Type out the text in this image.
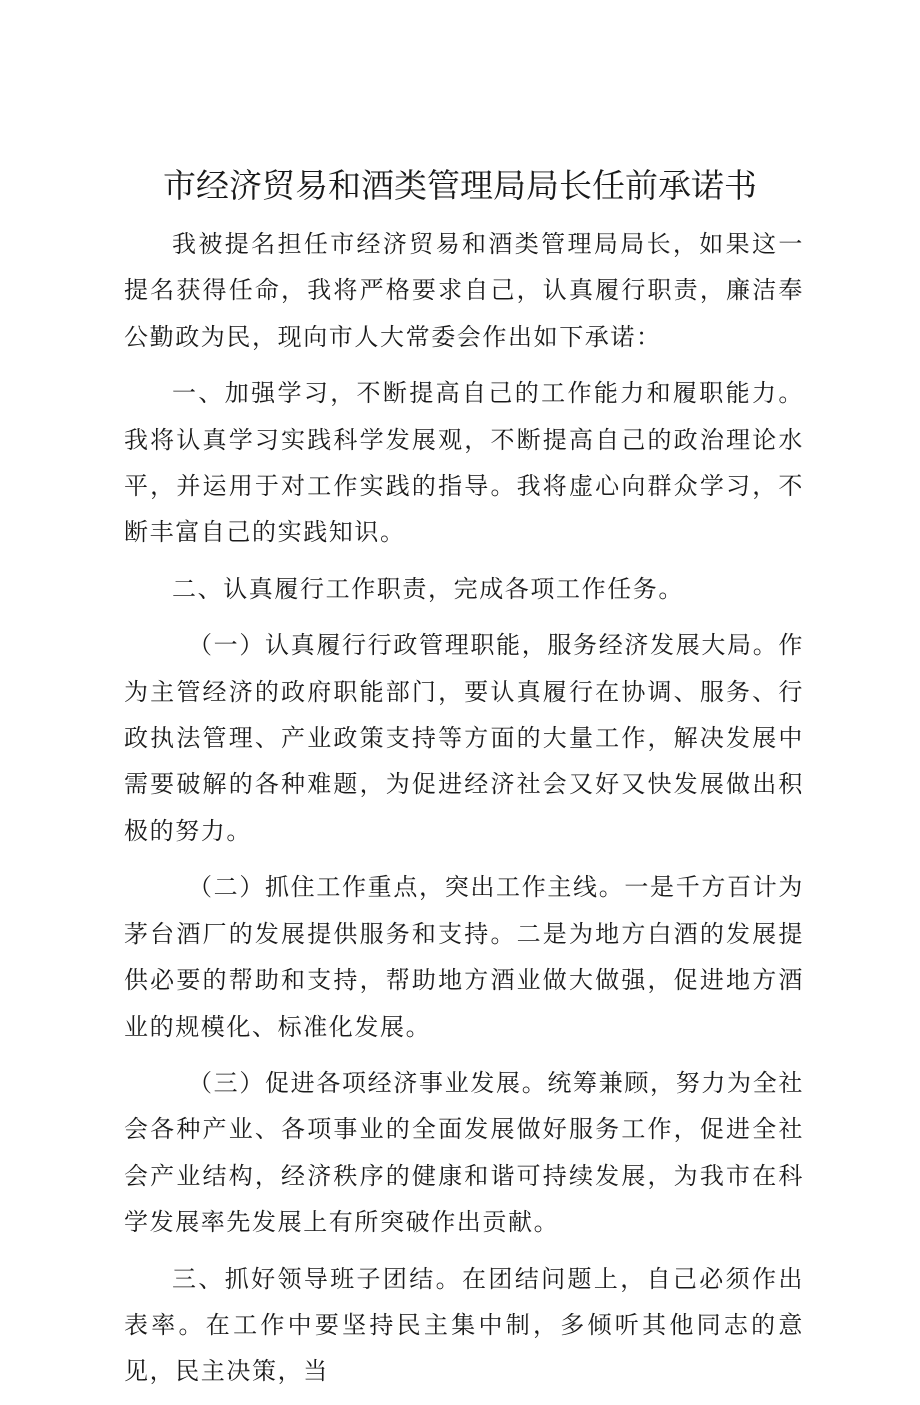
市经济贸易和酒类管理局局长任前承诺书

我被提名担任市经济贸易和酒类管理局局长，如果这一提名获得任命，我将严格要求自己，认真履行职责，廉洁奉公勤政为民，现向市人大常委会作出如下承诺：

一、加强学习，不断提高自己的工作能力和履职能力。我将认真学习实践科学发展观，不断提高自己的政治理论水平，并运用于对工作实践的指导。我将虚心向群众学习，不断丰富自己的实践知识。

二、认真履行工作职责，完成各项工作任务。

（一）认真履行行政管理职能，服务经济发展大局。作为主管经济的政府职能部门，要认真履行在协调、服务、行政执法管理、产业政策支持等方面的大量工作，解决发展中需要破解的各种难题，为促进经济社会又好又快发展做出积极的努力。

（二）抓住工作重点，突出工作主线。一是千方百计为茅台酒厂的发展提供服务和支持。二是为地方白酒的发展提供必要的帮助和支持，帮助地方酒业做大做强，促进地方酒业的规模化、标准化发展。

（三）促进各项经济事业发展。统筹兼顾，努力为全社会各种产业、各项事业的全面发展做好服务工作，促进全社会产业结构，经济秩序的健康和谐可持续发展，为我市在科学发展率先发展上有所突破作出贡献。

三、抓好领导班子团结。在团结问题上，自己必须作出表率。在工作中要坚持民主集中制，多倾听其他同志的意见，民主决策，当
